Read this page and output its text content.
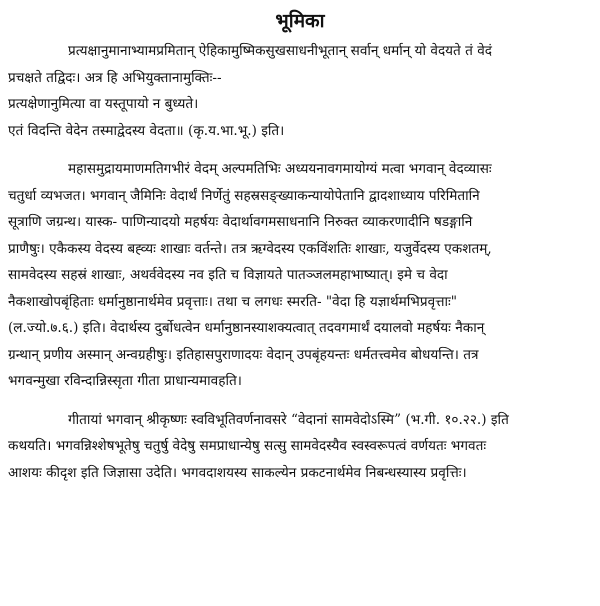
भूमिका

प्रत्यक्षानुमानाभ्यामप्रमितान् ऐहिकामुष्मिकसुखसाधनीभूतान् सर्वान् धर्मान् यो वेदयते तं वेदं

प्रचक्षते तद्विदः। अत्र हि अभियुक्तानामुक्तिः--

प्रत्यक्षेणानुमित्या वा यस्तूपायो न बुध्यते।

एतं विदन्ति वेदेन तस्माद्वेदस्य वेदता॥ (कृ.य.भा.भू.) इति।

महासमुद्रायमाणमतिगभीरं वेदम् अल्पमतिभिः अध्ययनावगमायोग्यं मत्वा भगवान् वेदव्यासः

चतुर्धा व्यभजत। भगवान् जैमिनिः वेदार्थं निर्णेतुं सहस्रसङ्ख्याकन्यायोपेतानि द्वादशाध्याय परिमितानि

सूत्राणि जग्रन्थ। यास्क- पाणिन्यादयो महर्षयः वेदार्थावगमसाधनानि निरुक्त व्याकरणादीनि षडङ्गानि

प्राणैषुः। एकैकस्य वेदस्य बह्व्यः शाखाः वर्तन्ते। तत्र ऋग्वेदस्य एकविंशतिः शाखाः, यजुर्वेदस्य एकशतम्,

सामवेदस्य सहस्रं शाखाः, अथर्ववेदस्य नव इति च विज्ञायते पातञ्जलमहाभाष्यात्। इमे च वेदा

नैकशाखोपबृंहिताः धर्मानुष्ठानार्थमेव प्रवृत्ताः। तथा च लगधः स्मरति- "वेदा हि यज्ञार्थमभिप्रवृत्ताः"

(ल.ज्यो.७.६.) इति। वेदार्थस्य दुर्बोधत्वेन धर्मानुष्ठानस्याशक्यत्वात् तदवगमार्थं दयालवो महर्षयः नैकान्

ग्रन्थान् प्रणीय अस्मान् अन्वग्रहीषुः। इतिहासपुराणादयः वेदान् उपबृंहयन्तः धर्मतत्त्वमेव बोधयन्ति। तत्र

भगवन्मुखा रविन्दान्निस्सृता गीता प्राधान्यमावहति।

गीतायां भगवान् श्रीकृष्णः स्वविभूतिवर्णनावसरे “वेदानां सामवेदोऽस्मि” (भ.गी. १०.२२.) इति

कथयति। भगवन्निश्शेषभूतेषु चतुर्षु वेदेषु समप्राधान्येषु सत्सु सामवेदस्यैव स्वस्वरूपत्वं वर्णयतः भगवतः

आशयः कीदृश इति जिज्ञासा उदेति। भगवदाशयस्य साकल्येन प्रकटनार्थमेव निबन्धस्यास्य प्रवृत्तिः।
